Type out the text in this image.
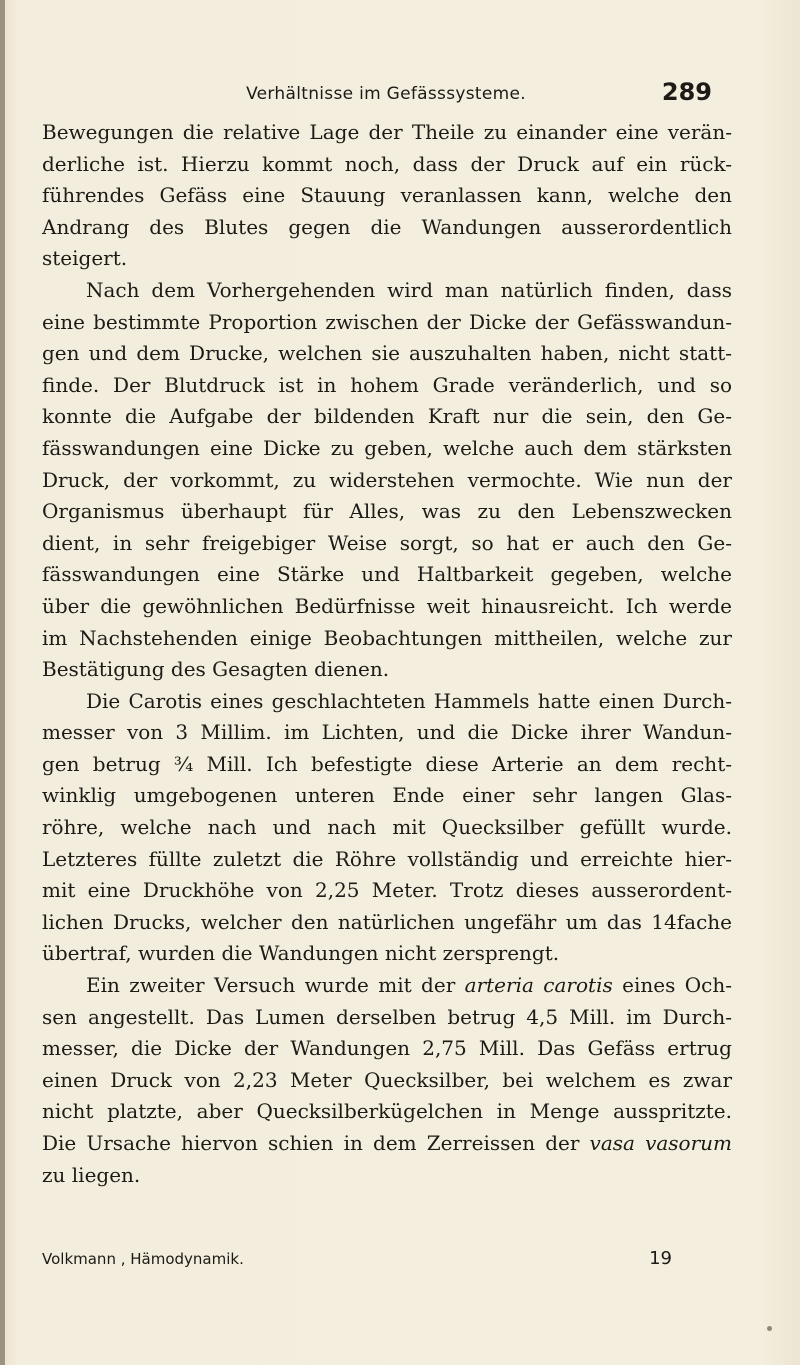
Verhältnisse im Gefässsysteme.	289
Bewegungen die relative Lage der Theile zu einander eine verän-
derliche ist. Hierzu kommt noch, dass der Druck auf ein rück-
führendes Gefäss eine Stauung veranlassen kann, welche den
Andrang des Blutes gegen die Wandungen ausserordentlich
steigert.
Nach dem Vorhergehenden wird man natürlich finden, dass
eine bestimmte Proportion zwischen der Dicke der Gefässwandun-
gen und dem Drucke, welchen sie auszuhalten haben, nicht statt-
finde. Der Blutdruck ist in hohem Grade veränderlich, und so
konnte die Aufgabe der bildenden Kraft nur die sein, den Ge-
fässwandungen eine Dicke zu geben, welche auch dem stärksten
Druck, der vorkommt, zu widerstehen vermochte. Wie nun der
Organismus überhaupt für Alles, was zu den Lebenszwecken
dient, in sehr freigebiger Weise sorgt, so hat er auch den Ge-
fässwandungen eine Stärke und Haltbarkeit gegeben, welche
über die gewöhnlichen Bedürfnisse weit hinausreicht. Ich werde
im Nachstehenden einige Beobachtungen mittheilen, welche zur
Bestätigung des Gesagten dienen.
Die Carotis eines geschlachteten Hammels hatte einen Durch-
messer von 3 Millim. im Lichten, und die Dicke ihrer Wandun-
gen betrug ¾ Mill. Ich befestigte diese Arterie an dem recht-
winklig umgebogenen unteren Ende einer sehr langen Glas-
röhre, welche nach und nach mit Quecksilber gefüllt wurde.
Letzteres füllte zuletzt die Röhre vollständig und erreichte hier-
mit eine Druckhöhe von 2,25 Meter. Trotz dieses ausserordent-
lichen Drucks, welcher den natürlichen ungefähr um das 14fache
übertraf, wurden die Wandungen nicht zersprengt.
Ein zweiter Versuch wurde mit der arteria carotis eines Och-
sen angestellt. Das Lumen derselben betrug 4,5 Mill. im Durch-
messer, die Dicke der Wandungen 2,75 Mill. Das Gefäss ertrug
einen Druck von 2,23 Meter Quecksilber, bei welchem es zwar
nicht platzte, aber Quecksilberkügelchen in Menge ausspritzte.
Die Ursache hiervon schien in dem Zerreissen der vasa vasorum
zu liegen.
Volkmann , Hämodynamik.	19
